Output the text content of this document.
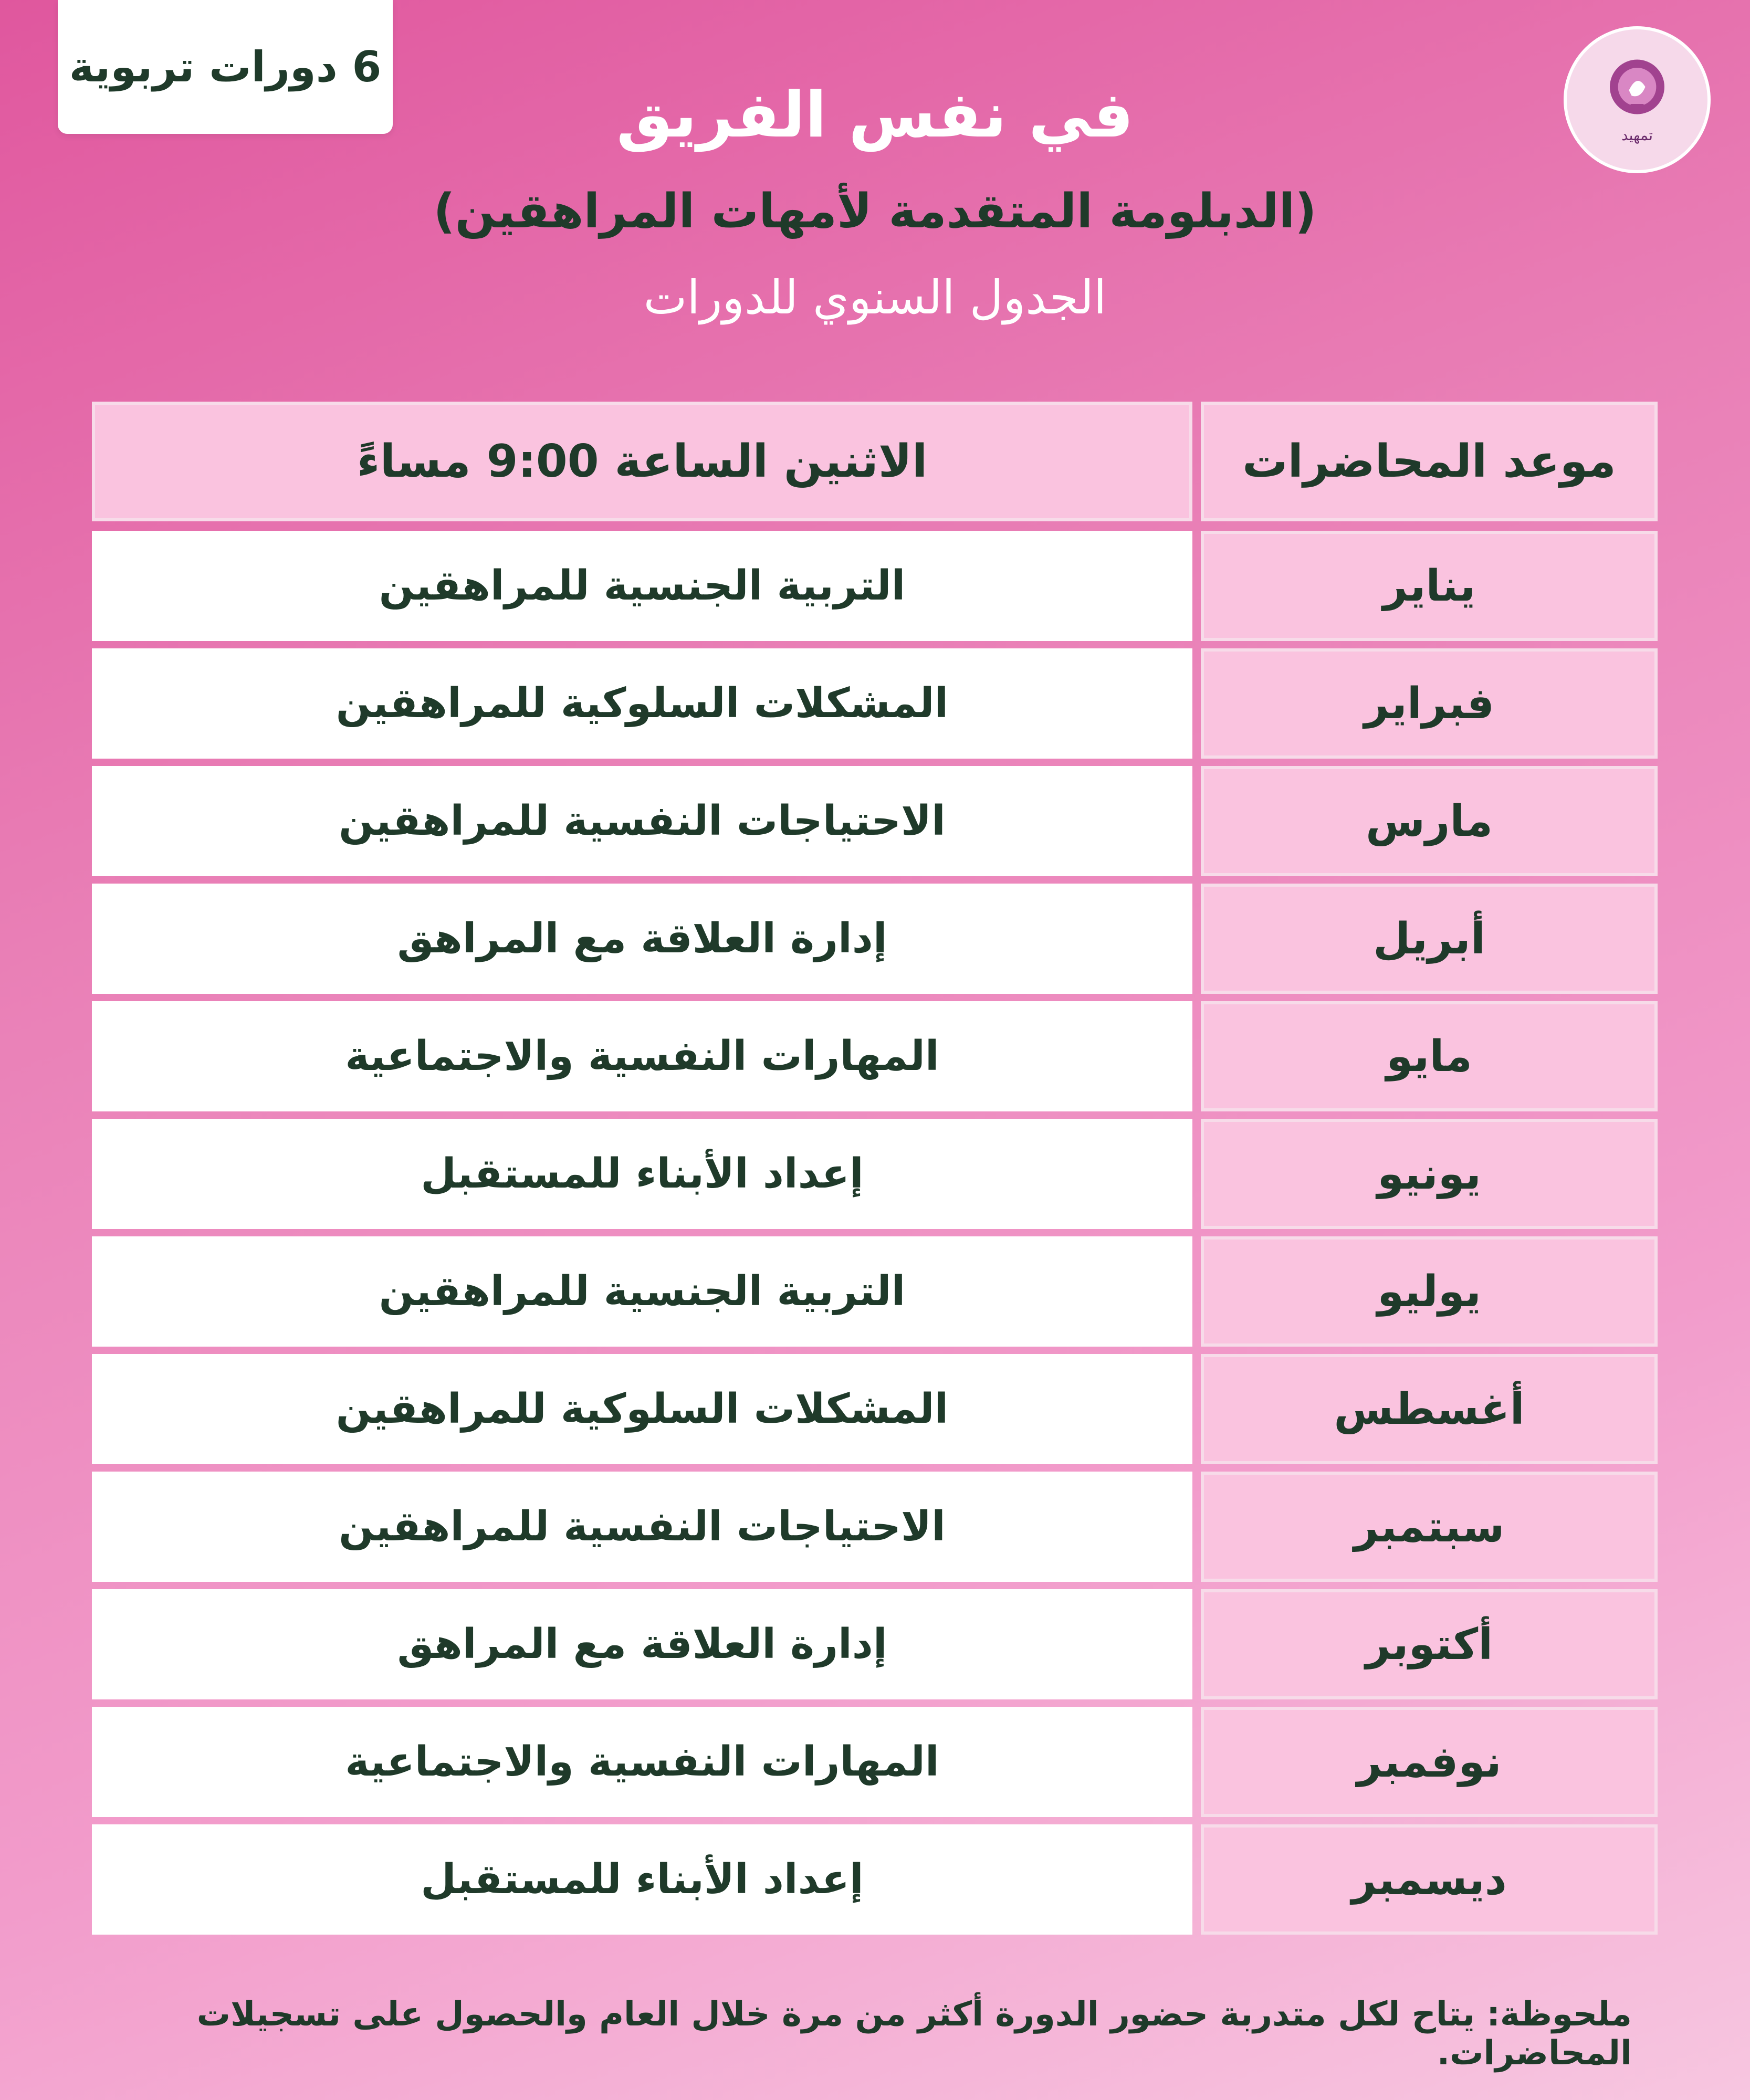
6 دورات تربوية
تمهيد
في نفس الفريق
(الدبلومة المتقدمة لأمهات المراهقين)
الجدول السنوي للدورات
موعد المحاضرات
الاثنين الساعة 9:00 مساءً
يناير
التربية الجنسية للمراهقين
فبراير
المشكلات السلوكية للمراهقين
مارس
الاحتياجات النفسية للمراهقين
أبريل
إدارة العلاقة مع المراهق
مايو
المهارات النفسية والاجتماعية
يونيو
إعداد الأبناء للمستقبل
يوليو
التربية الجنسية للمراهقين
أغسطس
المشكلات السلوكية للمراهقين
سبتمبر
الاحتياجات النفسية للمراهقين
أكتوبر
إدارة العلاقة مع المراهق
نوفمبر
المهارات النفسية والاجتماعية
ديسمبر
إعداد الأبناء للمستقبل
ملحوظة: يتاح لكل متدربة حضور الدورة أكثر من مرة خلال العام والحصول على تسجيلات المحاضرات.
